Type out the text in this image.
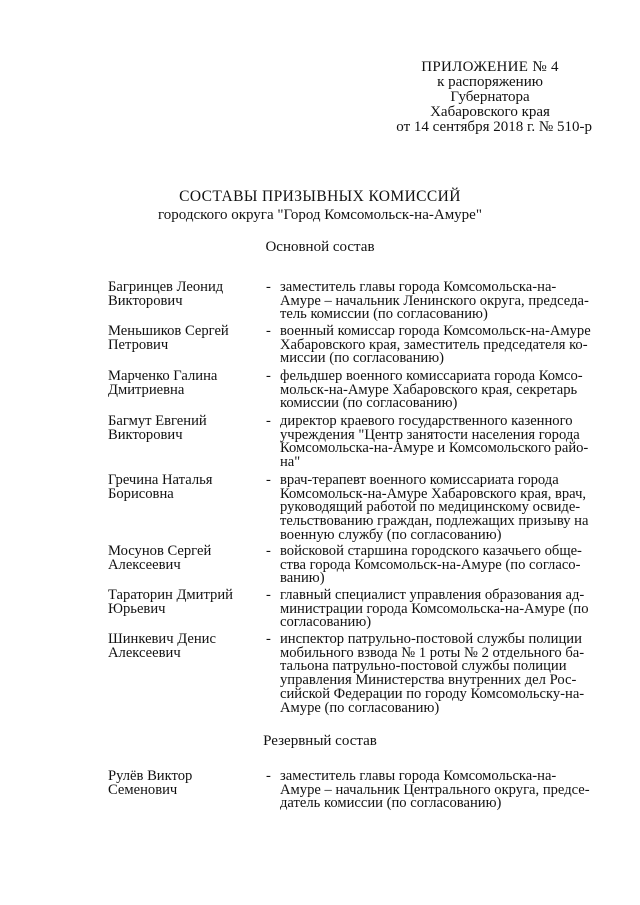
ПРИЛОЖЕНИЕ № 4
к распоряжению
Губернатора
Хабаровского края
от 14 сентября 2018 г. № 510-р
СОСТАВЫ ПРИЗЫВНЫХ КОМИССИЙ
городского округа "Город Комсомольск-на-Амуре"
Основной состав
Багринцев Леонид
Викторович
- заместитель главы города Комсомольска-на-
Амуре – начальник Ленинского округа, председа-
тель комиссии (по согласованию)
Меньшиков Сергей
Петрович
- военный комиссар города Комсомольск-на-Амуре
Хабаровского края, заместитель председателя ко-
миссии (по согласованию)
Марченко Галина
Дмитриевна
- фельдшер военного комиссариата города Комсо-
мольск-на-Амуре Хабаровского края, секретарь
комиссии (по согласованию)
Багмут Евгений
Викторович
- директор краевого государственного казенного
учреждения "Центр занятости населения города
Комсомольска-на-Амуре и Комсомольского райо-
на"
Гречина Наталья
Борисовна
- врач-терапевт военного комиссариата города
Комсомольск-на-Амуре Хабаровского края, врач,
руководящий работой по медицинскому освиде-
тельствованию граждан, подлежащих призыву на
военную службу (по согласованию)
Мосунов Сергей
Алексеевич
- войсковой старшина городского казачьего обще-
ства города Комсомольск-на-Амуре (по согласо-
ванию)
Тараторин Дмитрий
Юрьевич
- главный специалист управления образования ад-
министрации города Комсомольска-на-Амуре (по
согласованию)
Шинкевич Денис
Алексеевич
- инспектор патрульно-постовой службы полиции
мобильного взвода № 1 роты № 2 отдельного ба-
тальона патрульно-постовой службы полиции
управления Министерства внутренних дел Рос-
сийской Федерации по городу Комсомольску-на-
Амуре (по согласованию)
Резервный состав
Рулёв Виктор
Семенович
- заместитель главы города Комсомольска-на-
Амуре – начальник Центрального округа, предсе-
датель комиссии (по согласованию)
